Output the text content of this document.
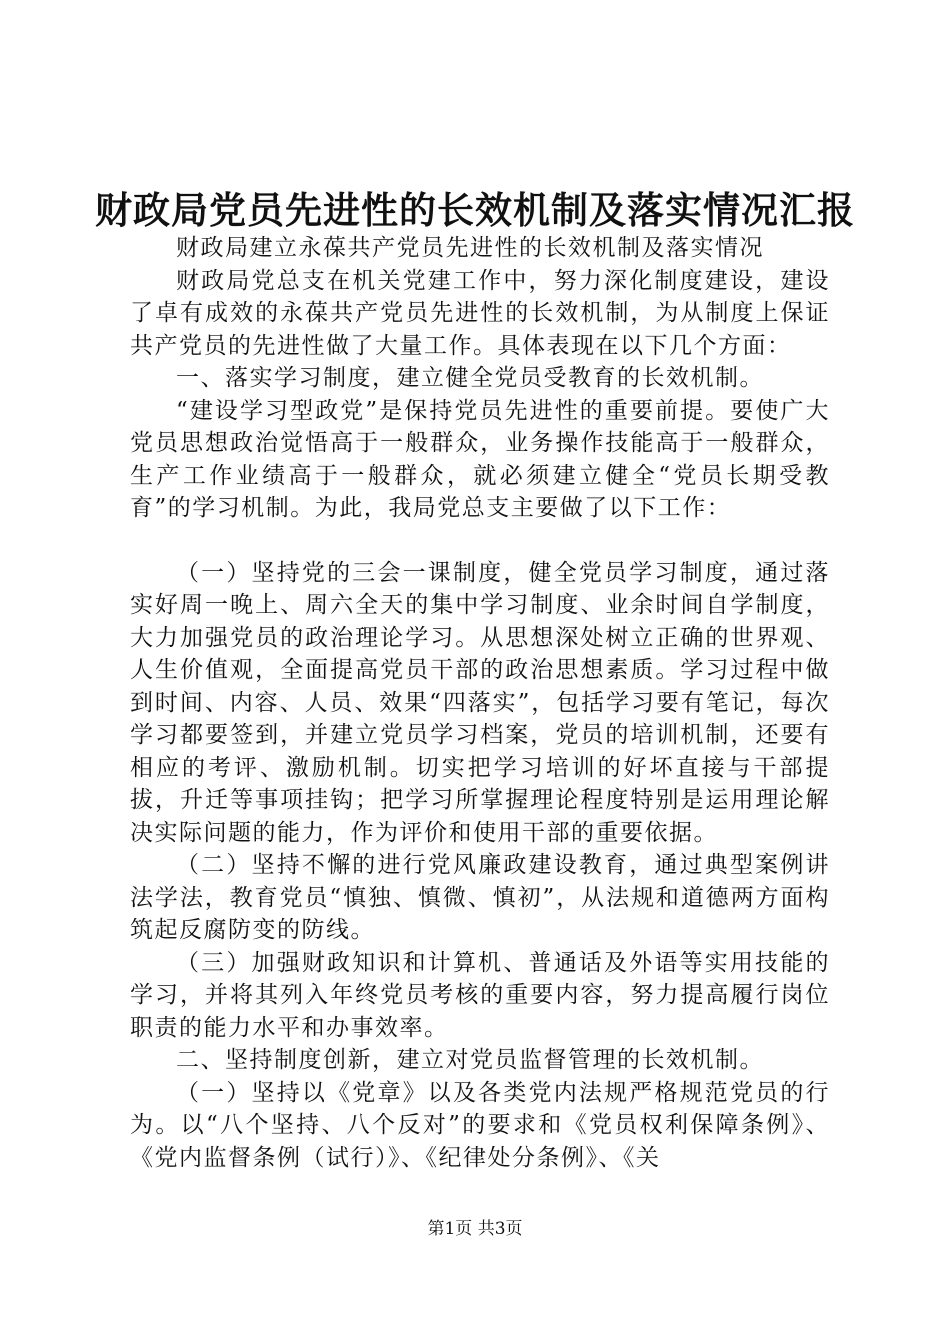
财政局党员先进性的长效机制及落实情况汇报

财政局建立永葆共产党员先进性的长效机制及落实情况

财政局党总支在机关党建工作中，努力深化制度建设，建设了卓有成效的永葆共产党员先进性的长效机制，为从制度上保证共产党员的先进性做了大量工作。具体表现在以下几个方面：

一、落实学习制度，建立健全党员受教育的长效机制。

“建设学习型政党”是保持党员先进性的重要前提。要使广大党员思想政治觉悟高于一般群众，业务操作技能高于一般群众，生产工作业绩高于一般群众，就必须建立健全“党员长期受教育”的学习机制。为此，我局党总支主要做了以下工作：

（一）坚持党的三会一课制度，健全党员学习制度，通过落实好周一晚上、周六全天的集中学习制度、业余时间自学制度，大力加强党员的政治理论学习。从思想深处树立正确的世界观、人生价值观，全面提高党员干部的政治思想素质。学习过程中做到时间、内容、人员、效果“四落实”，包括学习要有笔记，每次学习都要签到，并建立党员学习档案，党员的培训机制，还要有相应的考评、激励机制。切实把学习培训的好坏直接与干部提拔，升迁等事项挂钩；把学习所掌握理论程度特别是运用理论解决实际问题的能力，作为评价和使用干部的重要依据。

（二）坚持不懈的进行党风廉政建设教育，通过典型案例讲法学法，教育党员“慎独、慎微、慎初”，从法规和道德两方面构筑起反腐防变的防线。

（三）加强财政知识和计算机、普通话及外语等实用技能的学习，并将其列入年终党员考核的重要内容，努力提高履行岗位职责的能力水平和办事效率。

二、坚持制度创新，建立对党员监督管理的长效机制。

（一）坚持以《党章》以及各类党内法规严格规范党员的行为。以“八个坚持、八个反对”的要求和《党员权利保障条例》、《党内监督条例（试行）》、《纪律处分条例》、《关

第1页 共3页
